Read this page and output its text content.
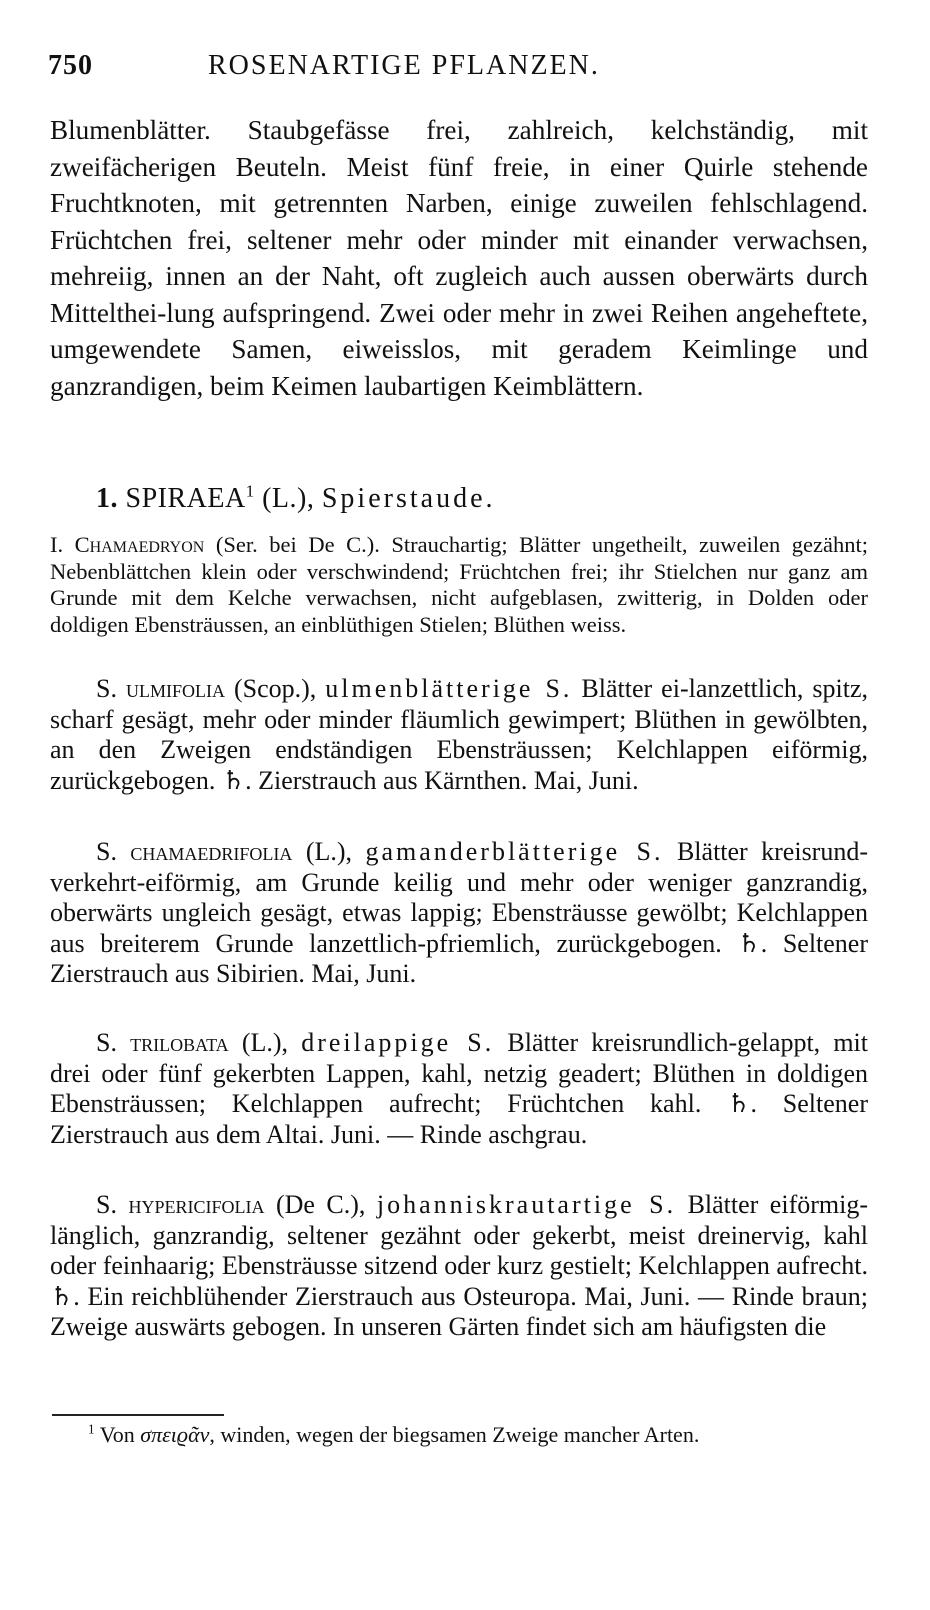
750	ROSENARTIGE PFLANZEN.

Blumenblätter. Staubgefässe frei, zahlreich, kelchständig, mit zweifächerigen Beuteln. Meist fünf freie, in einer Quirle stehende Fruchtknoten, mit getrennten Narben, einige zuweilen fehlschlagend. Früchtchen frei, seltener mehr oder minder mit einander verwachsen, mehreiig, innen an der Naht, oft zugleich auch aussen oberwärts durch Mittelthei-lung aufspringend. Zwei oder mehr in zwei Reihen angeheftete, umgewendete Samen, eiweisslos, mit geradem Keimlinge und ganzrandigen, beim Keimen laubartigen Keimblättern.

1. SPIRAEA$^1$ (L.), Spierstaude.

I. Chamaedryon (Ser. bei De C.). Strauchartig; Blätter ungetheilt, zuweilen gezähnt; Nebenblättchen klein oder verschwindend; Früchtchen frei; ihr Stielchen nur ganz am Grunde mit dem Kelche verwachsen, nicht aufgeblasen, zwitterig, in Dolden oder doldigen Ebensträussen, an einblüthigen Stielen; Blüthen weiss.

S. ulmifolia (Scop.), ulmenblätterige S. Blätter ei-lanzettlich, spitz, scharf gesägt, mehr oder minder fläumlich gewimpert; Blüthen in gewölbten, an den Zweigen endständigen Ebensträussen; Kelchlappen eiförmig, zurückgebogen. ♄. Zierstrauch aus Kärnthen. Mai, Juni.

S. chamaedrifolia (L.), gamanderblätterige S. Blätter kreisrund-verkehrt-eiförmig, am Grunde keilig und mehr oder weniger ganzrandig, oberwärts ungleich gesägt, etwas lappig; Ebensträusse gewölbt; Kelchlappen aus breiterem Grunde lanzettlich-pfriemlich, zurückgebogen. ♄. Seltener Zierstrauch aus Sibirien. Mai, Juni.

S. trilobata (L.), dreilappige S. Blätter kreisrundlich-gelappt, mit drei oder fünf gekerbten Lappen, kahl, netzig geadert; Blüthen in doldigen Ebensträussen; Kelchlappen aufrecht; Früchtchen kahl. ♄. Seltener Zierstrauch aus dem Altai. Juni. — Rinde aschgrau.

S. hypericifolia (De C.), johanniskrautartige S. Blätter eiförmig-länglich, ganzrandig, seltener gezähnt oder gekerbt, meist dreinervig, kahl oder feinhaarig; Ebensträusse sitzend oder kurz gestielt; Kelchlappen aufrecht. ♄. Ein reichblühender Zierstrauch aus Osteuropa. Mai, Juni. — Rinde braun; Zweige auswärts gebogen. In unseren Gärten findet sich am häufigsten die

$^1$ Von σπειϱᾶν, winden, wegen der biegsamen Zweige mancher Arten.
